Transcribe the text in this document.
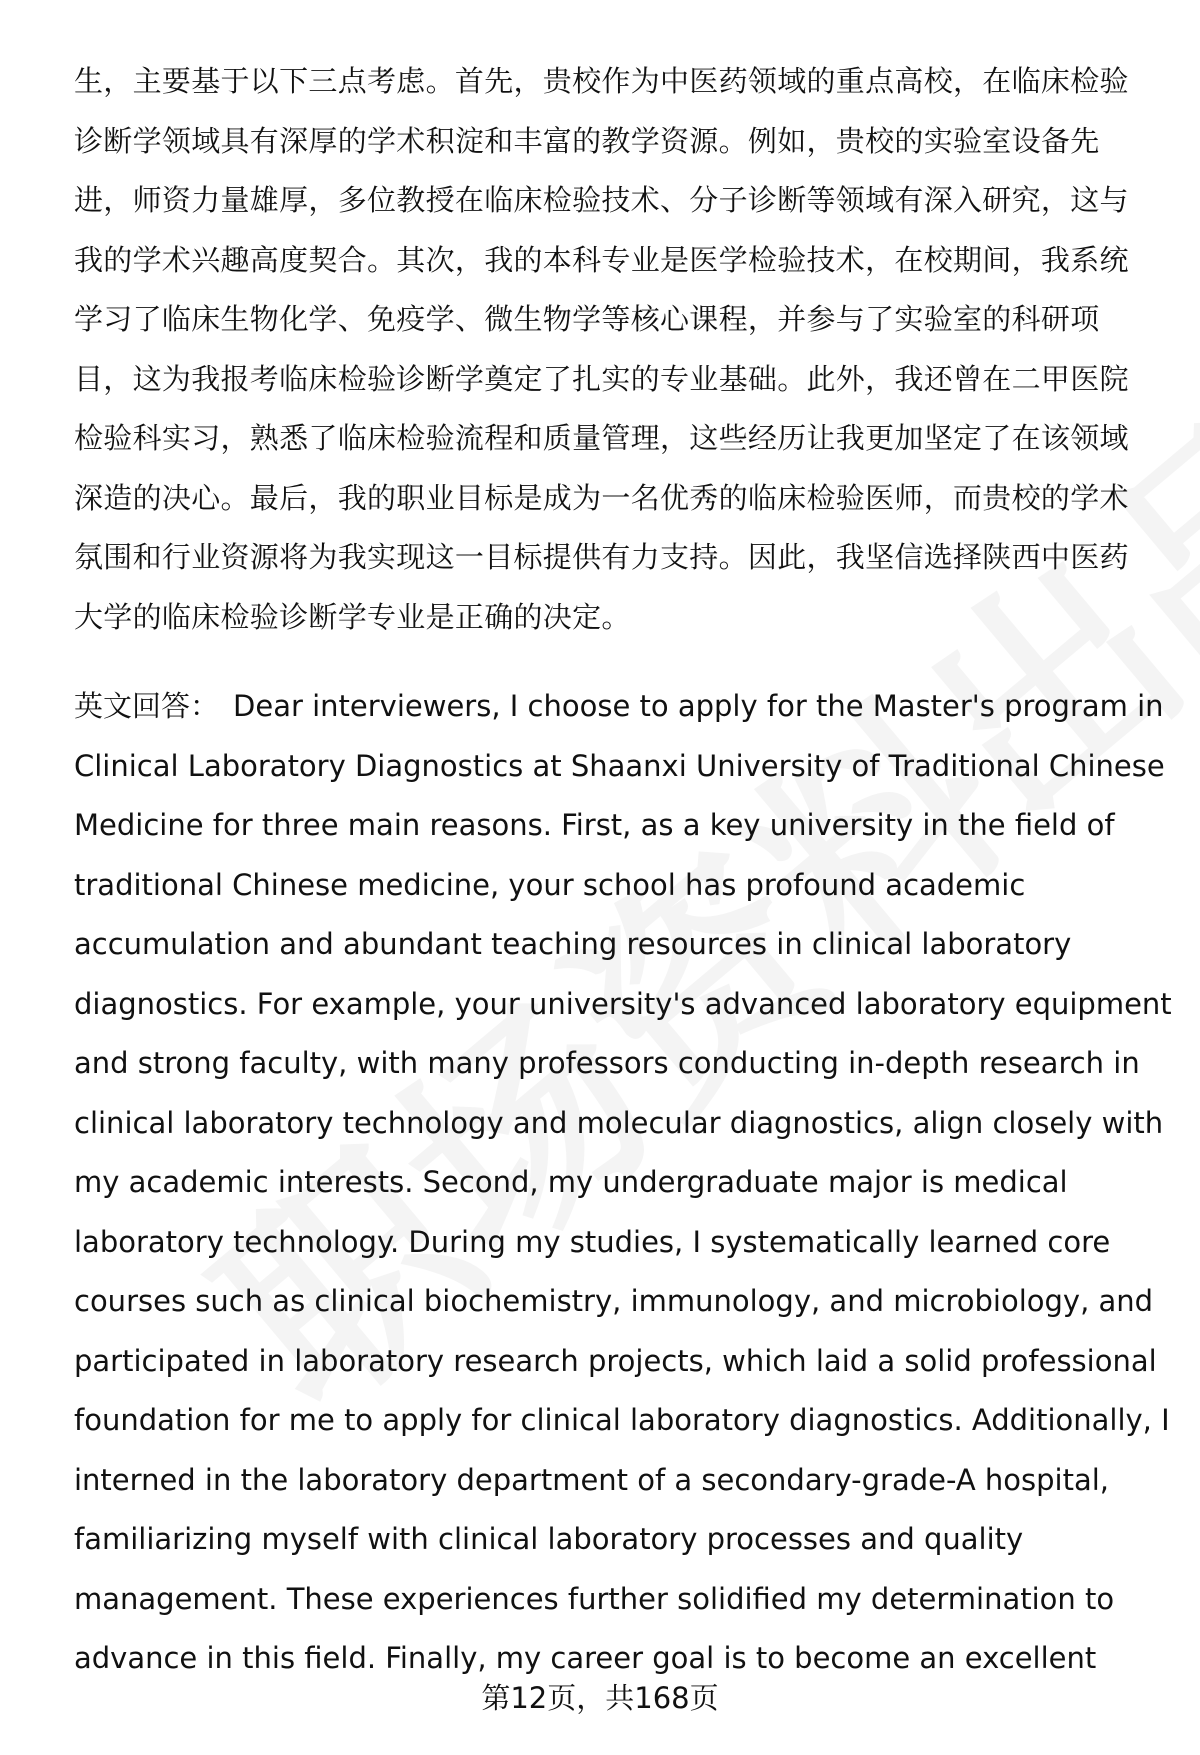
生，主要基于以下三点考虑。首先，贵校作为中医药领域的重点高校，在临床检验
诊断学领域具有深厚的学术积淀和丰富的教学资源。例如，贵校的实验室设备先
进，师资力量雄厚，多位教授在临床检验技术、分子诊断等领域有深入研究，这与
我的学术兴趣高度契合。其次，我的本科专业是医学检验技术，在校期间，我系统
学习了临床生物化学、免疫学、微生物学等核心课程，并参与了实验室的科研项
目，这为我报考临床检验诊断学奠定了扎实的专业基础。此外，我还曾在二甲医院
检验科实习，熟悉了临床检验流程和质量管理，这些经历让我更加坚定了在该领域
深造的决心。最后，我的职业目标是成为一名优秀的临床检验医师，而贵校的学术
氛围和行业资源将为我实现这一目标提供有力支持。因此，我坚信选择陕西中医药
大学的临床检验诊断学专业是正确的决定。
英文回答： Dear interviewers, I choose to apply for the Master's program in
Clinical Laboratory Diagnostics at Shaanxi University of Traditional Chinese
Medicine for three main reasons. First, as a key university in the field of
traditional Chinese medicine, your school has profound academic
accumulation and abundant teaching resources in clinical laboratory
diagnostics. For example, your university's advanced laboratory equipment
and strong faculty, with many professors conducting in-depth research in
clinical laboratory technology and molecular diagnostics, align closely with
my academic interests. Second, my undergraduate major is medical
laboratory technology. During my studies, I systematically learned core
courses such as clinical biochemistry, immunology, and microbiology, and
participated in laboratory research projects, which laid a solid professional
foundation for me to apply for clinical laboratory diagnostics. Additionally, I
interned in the laboratory department of a secondary-grade-A hospital,
familiarizing myself with clinical laboratory processes and quality
management. These experiences further solidified my determination to
advance in this field. Finally, my career goal is to become an excellent
第12页，共168页
